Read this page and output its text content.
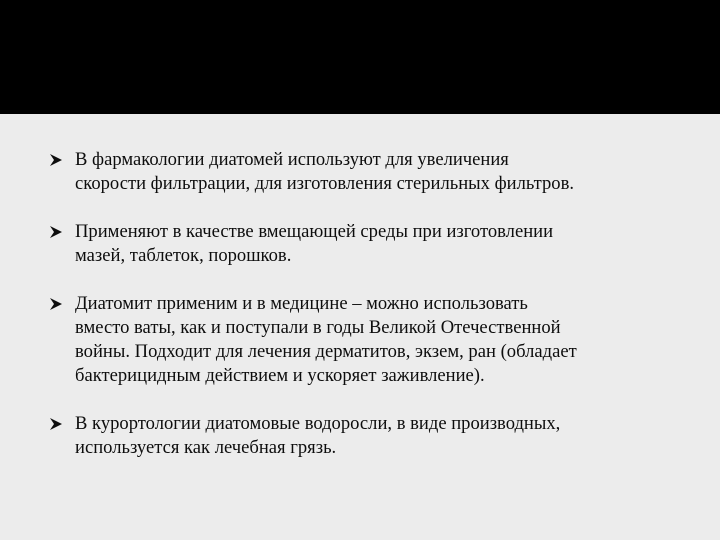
В фармакологии диатомей используют для увеличения
скорости фильтрации, для изготовления стерильных фильтров.
Применяют в качестве вмещающей среды при изготовлении
мазей, таблеток, порошков.
Диатомит применим и в медицине – можно использовать
вместо ваты, как и поступали в годы Великой Отечественной
войны. Подходит для лечения дерматитов, экзем, ран (обладает
бактерицидным действием и ускоряет заживление).
В курортологии диатомовые водоросли, в виде производных,
используется как лечебная грязь.
